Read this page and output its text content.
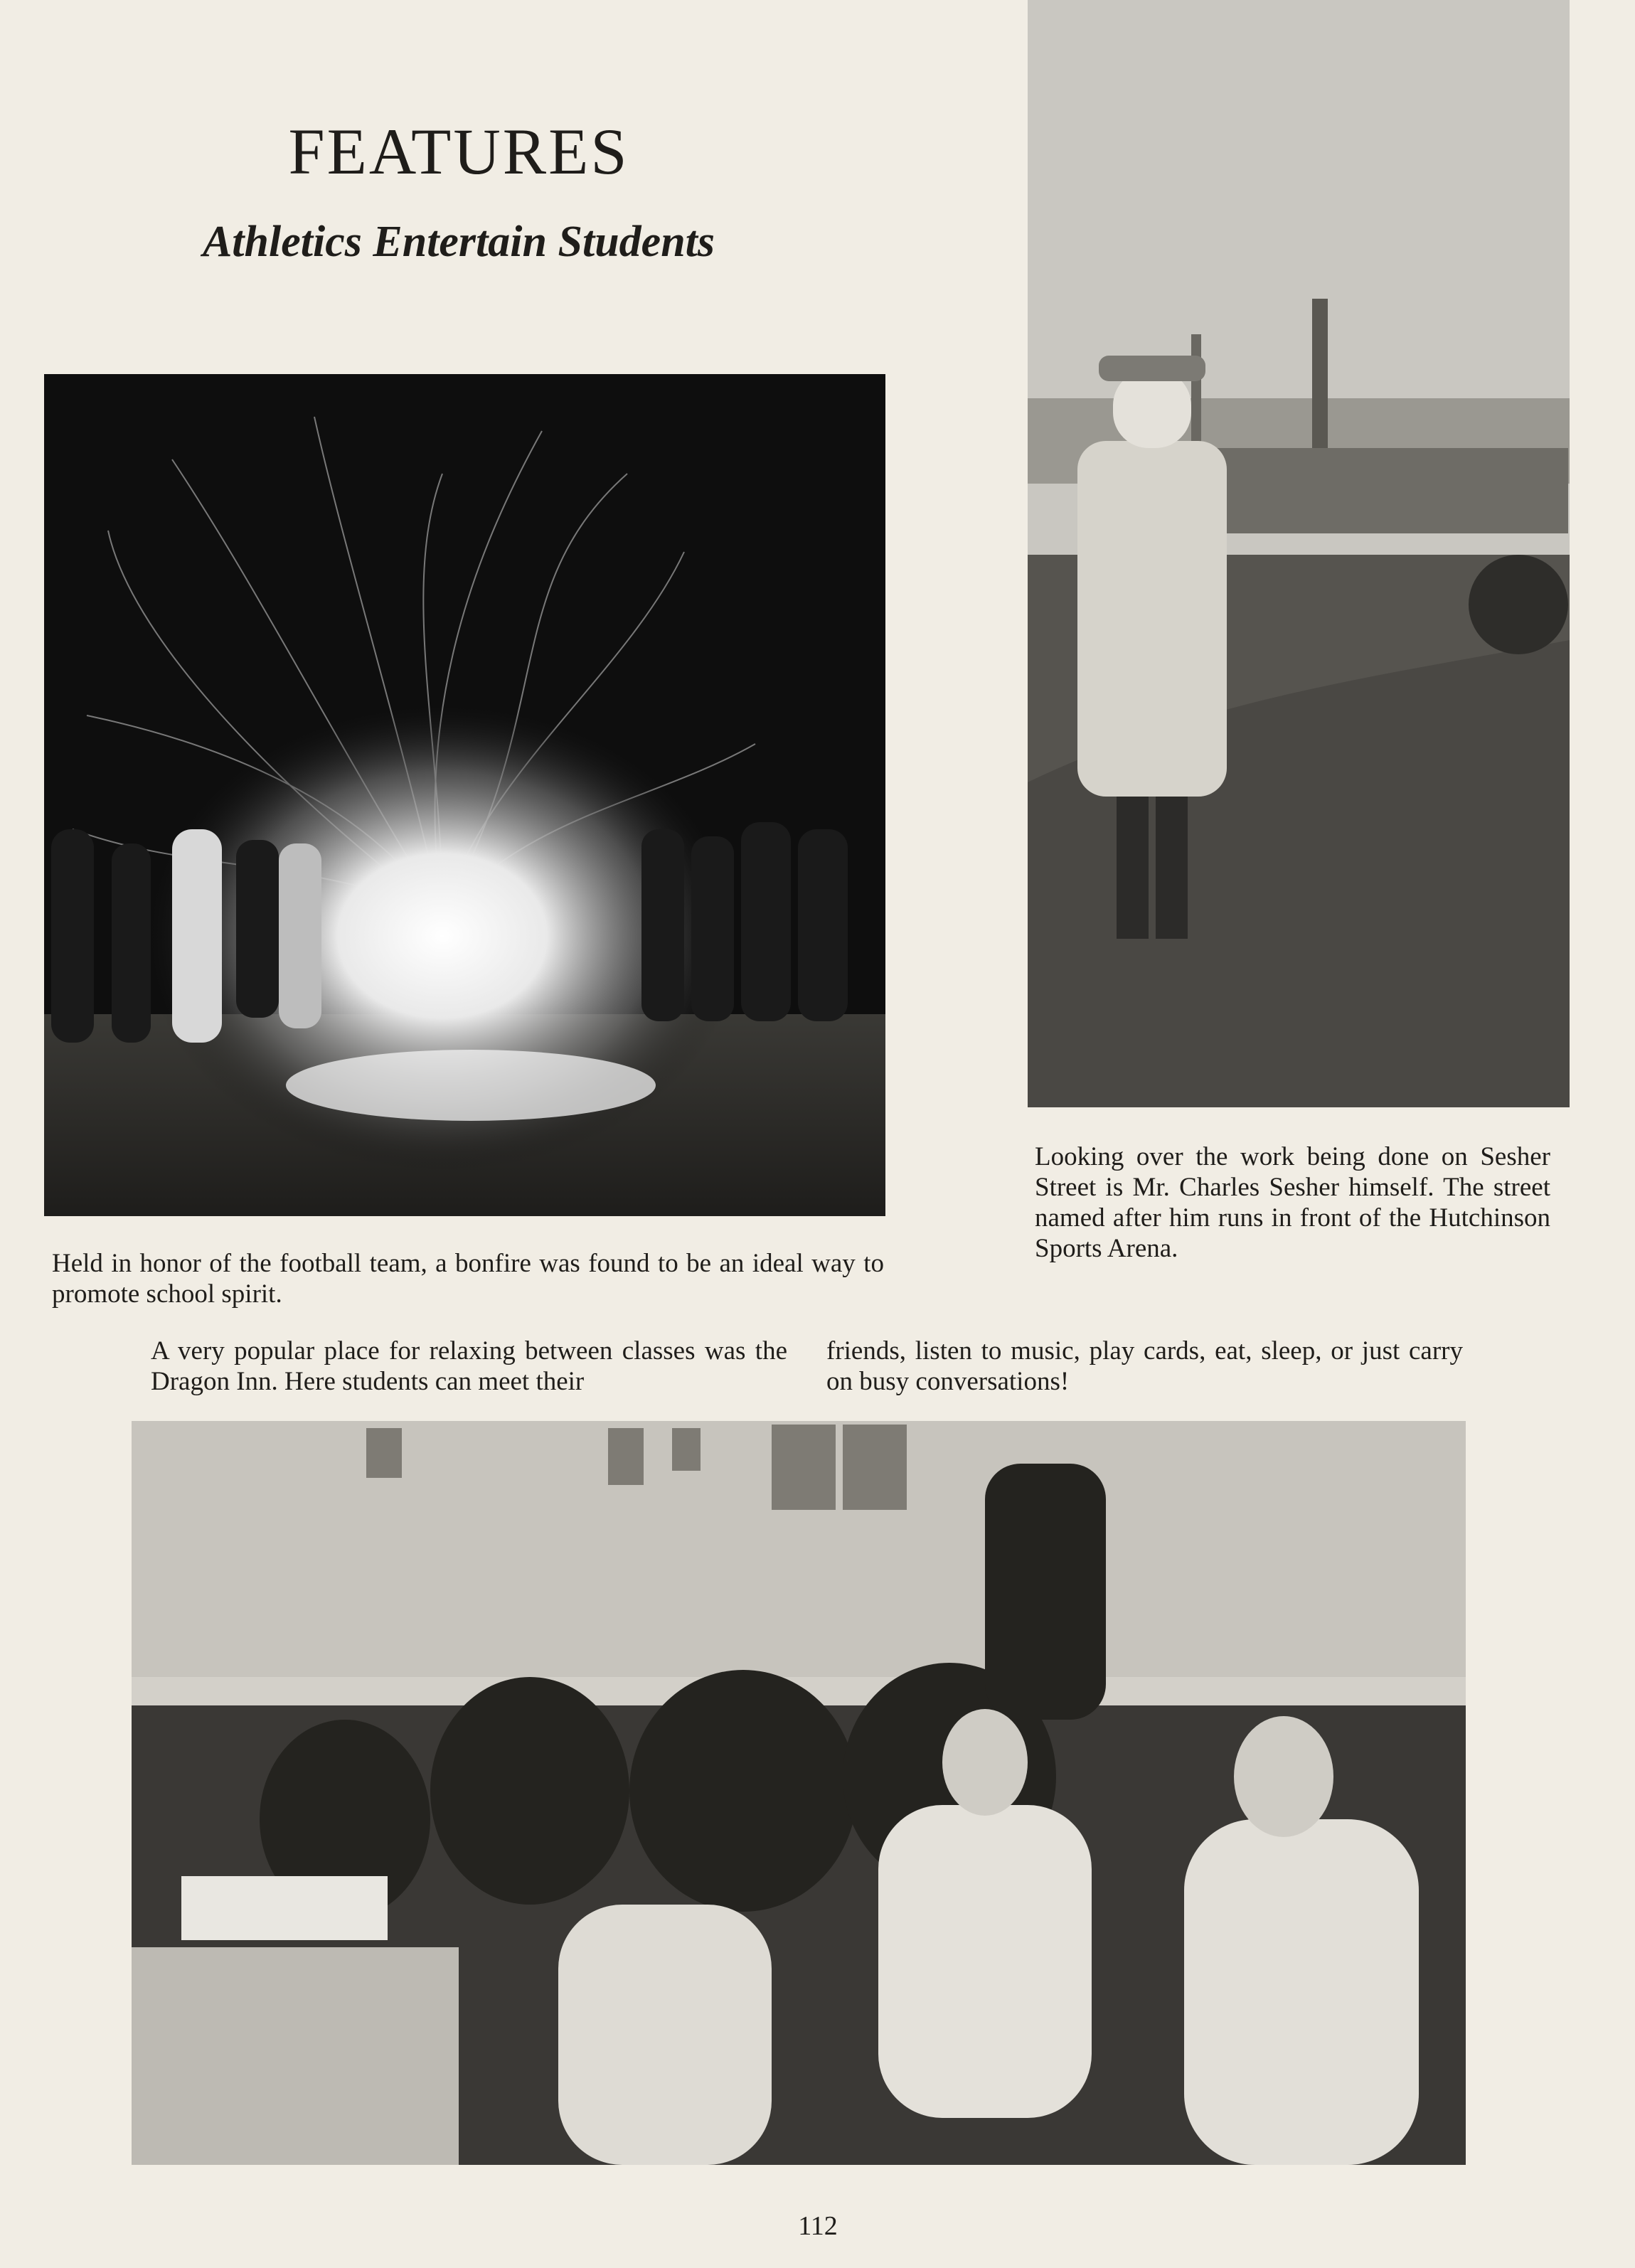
FEATURES
Athletics Entertain Students

Held in honor of the football team, a bonfire was found to be an ideal way to promote school spirit.

Looking over the work being done on Sesher Street is Mr. Charles Sesher himself. The street named after him runs in front of the Hutchinson Sports Arena.

A very popular place for relaxing between classes was the Dragon Inn. Here students can meet their

friends, listen to music, play cards, eat, sleep, or just carry on busy conversations!

112
